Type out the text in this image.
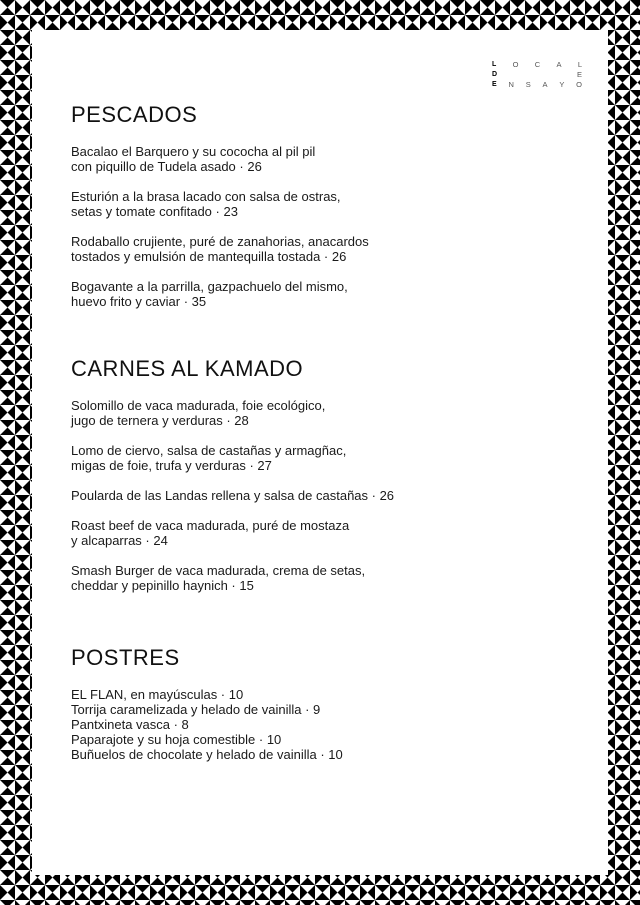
L O C A L
D	E
E N S A Y O
PESCADOS
Bacalao el Barquero y su cococha al pil pil
con piquillo de Tudela asado · 26
Esturión a la brasa lacado con salsa de ostras,
setas y tomate confitado · 23
Rodaballo crujiente, puré de zanahorias, anacardos
tostados y emulsión de mantequilla tostada · 26
Bogavante a la parrilla, gazpachuelo del mismo,
huevo frito y caviar · 35
CARNES AL KAMADO
Solomillo de vaca madurada, foie ecológico,
jugo de ternera y verduras · 28
Lomo de ciervo, salsa de castañas y armagñac,
migas de foie, trufa y verduras · 27
Poularda de las Landas rellena y salsa de castañas · 26
Roast beef de vaca madurada, puré de mostaza
y alcaparras · 24
Smash Burger de vaca madurada, crema de setas,
cheddar y pepinillo haynich · 15
POSTRES
EL FLAN, en mayúsculas · 10
Torrija caramelizada y helado de vainilla · 9
Pantxineta vasca · 8
Paparajote y su hoja comestible · 10
Buñuelos de chocolate y helado de vainilla · 10
